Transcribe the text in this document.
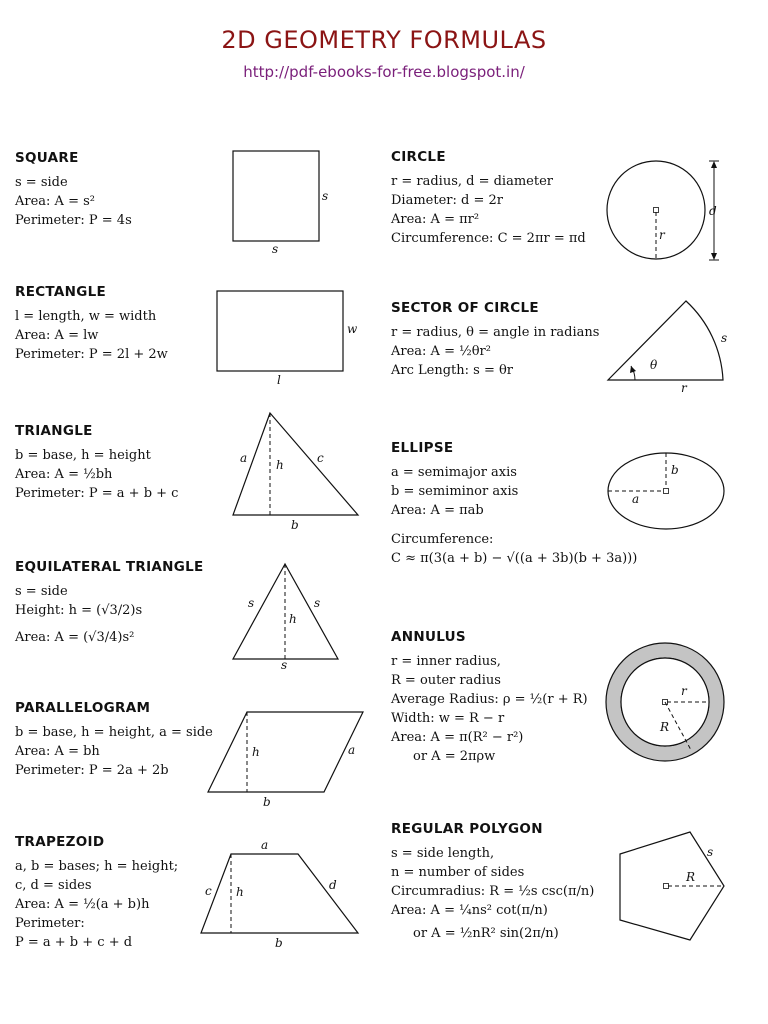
2D GEOMETRY FORMULAS
http://pdf-ebooks-for-free.blogspot.in/
SQUARE
s = side
Area: A = s²
Perimeter: P = 4s
s
s
RECTANGLE
l = length, w = width
Area: A = lw
Perimeter: P = 2l + 2w
w
l
TRIANGLE
b = base, h = height
Area: A = ½bh
Perimeter: P = a + b + c
a h	c
b
EQUILATERAL TRIANGLE
s = side
Height: h = (√3/2)s
Area: A = (√3/4)s²
s	s
h
s
PARALLELOGRAM
b = base, h = height, a = side
Area: A = bh
Perimeter: P = 2a + 2b
h	a
b
TRAPEZOID
a, b = bases; h = height;
c, d = sides
Area: A = ½(a + b)h
Perimeter:
P = a + b + c + d
a
c h	d
b
CIRCLE
r = radius, d = diameter
Diameter: d = 2r
Area: A = πr²
Circumference: C = 2πr = πd	r
d
SECTOR OF CIRCLE
r = radius, θ = angle in radians
Area: A = ½θr²
Arc Length: s = θr	θ
s
r
ELLIPSE
a = semimajor axis
b = semiminor axis
Area: A = πab
Circumference:
C ≈ π(3(a + b) − √((a + 3b)(b + 3a)))
b
a
ANNULUS
r = inner radius,
R = outer radius
Average Radius: ρ = ½(r + R)
Width: w = R − r
Area: A = π(R² − r²)
or A = 2πρw
r
R
REGULAR POLYGON
s = side length,
n = number of sides
Circumradius: R = ½s csc(π/n)
Area: A = ¼ns² cot(π/n)
or A = ½nR² sin(2π/n)
R
s
